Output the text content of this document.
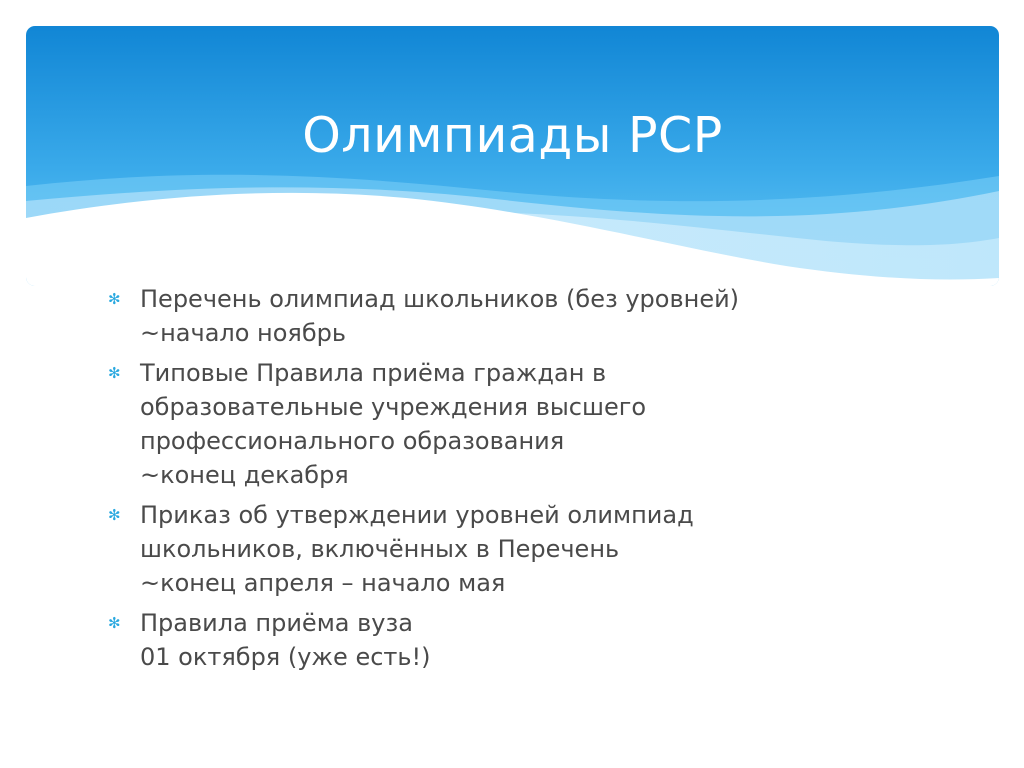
Олимпиады РСР
✻ Перечень олимпиад школьников (без уровней)
~начало ноябрь
✻ Типовые Правила приёма граждан в
образовательные учреждения высшего
профессионального образования
~конец декабря
✻ Приказ об утверждении уровней олимпиад
школьников, включённых в Перечень
~конец апреля – начало мая
✻ Правила приёма вуза
01 октября (уже есть!)
